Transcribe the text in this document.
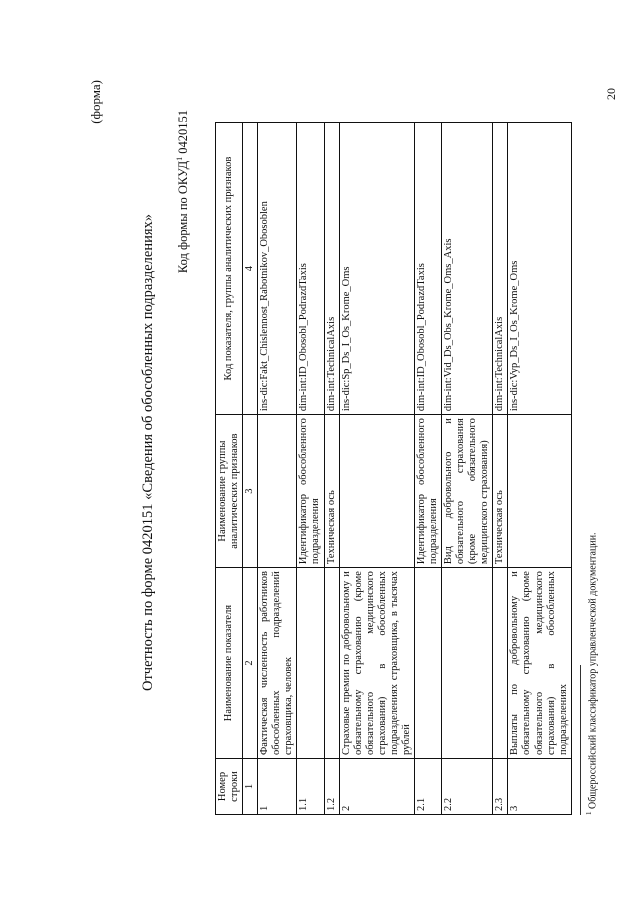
20
(форма)
Отчетность по форме 0420151 «Сведения об обособленных подразделениях» Код формы по ОКУД$^1$ 0420151
Номер строки	Наименование показателя	Наименование группы аналитических признаков	Код показателя, группы аналитических признаков
1	2	3	4
1	Фактическая численность работников обособленных подразделений страховщика, человек		ins-dic:Fakt_Chislennost_Rabotnikov_Obosoblen
1.1		Идентификатор обособленного подразделения	dim-int:ID_Obosobl_PodrazdTaxis
1.2		Техническая ось	dim-int:TechnicalAxis
2	Страховые премии по добровольному и обязательному страхованию (кроме обязательного медицинского страхования) в обособленных подразделениях страховщика, в тысячах рублей		ins-dic:Sp_Ds_I_Os_Krome_Oms
2.1		Идентификатор обособленного подразделения	dim-int:ID_Obosobl_PodrazdTaxis
2.2		Вид добровольного и обязательного страхования (кроме обязательного медицинского страхования)	dim-int:Vid_Ds_Obs_Krome_Oms_Axis
2.3		Техническая ось	dim-int:TechnicalAxis
3	Выплаты по добровольному и обязательному страхованию (кроме обязательного медицинского страхования) в обособленных подразделениях		ins-dic:Vyp_Ds_I_Os_Krome_Oms
$^1$ Общероссийский классификатор управленческой документации.
